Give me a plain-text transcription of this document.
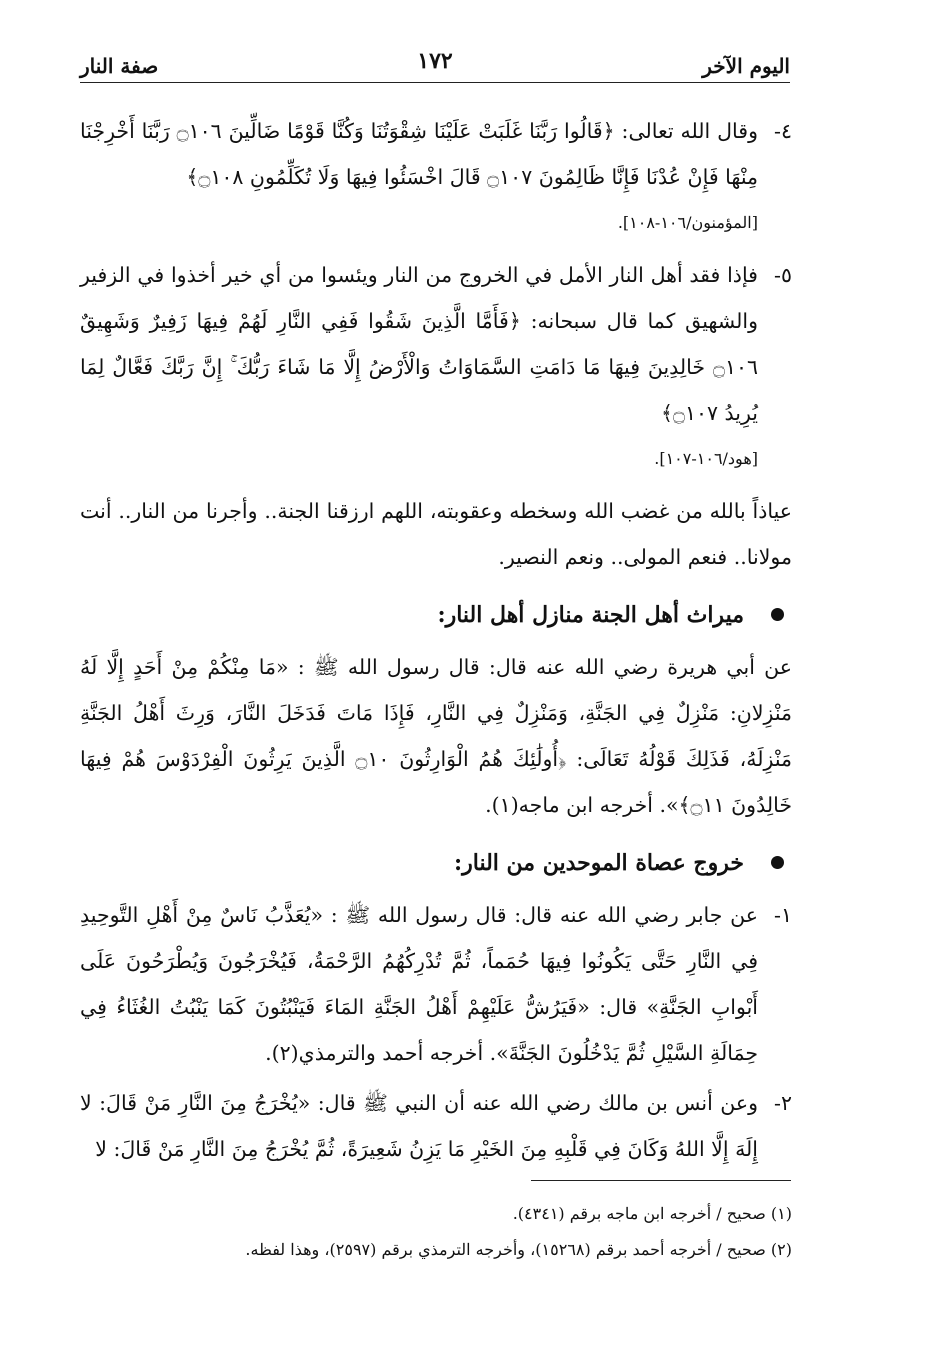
اليوم الآخر
١٧٢
صفة النار
٤-
وقال الله تعالى: ﴿قَالُوا رَبَّنَا غَلَبَتْ عَلَيْنَا شِقْوَتُنَا وَكُنَّا قَوْمًا ضَالِّينَ ۝١٠٦ رَبَّنَا أَخْرِجْنَا مِنْهَا فَإِنْ عُدْنَا فَإِنَّا ظَالِمُونَ ۝١٠٧ قَالَ اخْسَئُوا فِيهَا وَلَا تُكَلِّمُونِ ۝١٠٨﴾
[المؤمنون/١٠٦-١٠٨].
٥-
فإذا فقد أهل النار الأمل في الخروج من النار ويئسوا من أي خير أخذوا في الزفير والشهيق كما قال سبحانه: ﴿فَأَمَّا الَّذِينَ شَقُوا فَفِي النَّارِ لَهُمْ فِيهَا زَفِيرٌ وَشَهِيقٌ ۝١٠٦ خَالِدِينَ فِيهَا مَا دَامَتِ السَّمَاوَاتُ وَالْأَرْضُ إِلَّا مَا شَاءَ رَبُّكَ ۚ إِنَّ رَبَّكَ فَعَّالٌ لِمَا يُرِيدُ ۝١٠٧﴾
[هود/١٠٦-١٠٧].
عياذاً بالله من غضب الله وسخطه وعقوبته، اللهم ارزقنا الجنة.. وأجرنا من النار.. أنت مولانا.. فنعم المولى.. ونعم النصير.
ميراث أهل الجنة منازل أهل النار:
عن أبي هريرة رضي الله عنه قال: قال رسول الله ﷺ : «مَا مِنْكُمْ مِنْ أَحَدٍ إِلَّا لَهُ مَنْزِلانِ: مَنْزِلٌ فِي الجَنَّةِ، وَمَنْزِلٌ فِي النَّارِ، فَإِذَا مَاتَ فَدَخَلَ النَّارَ، وَرِثَ أَهْلُ الجَنَّةِ مَنْزِلَهُ، فَذَلِكَ قَوْلُهُ تَعَالَى: ﴿أُولَٰئِكَ هُمُ الْوَارِثُونَ ۝١٠ الَّذِينَ يَرِثُونَ الْفِرْدَوْسَ هُمْ فِيهَا خَالِدُونَ ۝١١﴾». أخرجه ابن ماجه(١).
خروج عصاة الموحدين من النار:
١-
عن جابر رضي الله عنه قال: قال رسول الله ﷺ : «يُعَذَّبُ نَاسٌ مِنْ أَهْلِ التَّوحِيدِ فِي النَّارِ حَتَّى يَكُونُوا فِيهَا حُمَماً، ثُمَّ تُدْرِكُهُمُ الرَّحْمَةُ، فَيُخْرَجُونَ وَيُطْرَحُونَ عَلَى أَبْوابِ الجَنَّةِ» قال: «فَيَرُشُّ عَلَيْهِمْ أَهْلُ الجَنَّةِ المَاءَ فَيَنْبُتُونَ كَمَا يَنْبُتُ الغُثَاءُ فِي حِمَالَةِ السَّيْلِ ثُمَّ يَدْخُلُونَ الجَنَّةَ». أخرجه أحمد والترمذي(٢).
٢-
وعن أنس بن مالك رضي الله عنه أن النبي ﷺ قال: «يُخْرَجُ مِنَ النَّارِ مَنْ قَالَ: لا إِلَهَ إِلَّا اللهُ وَكَانَ فِي قَلْبِهِ مِنَ الخَيْرِ مَا يَزِنُ شَعِيرَةً، ثُمَّ يُخْرَجُ مِنَ النَّارِ مَنْ قَالَ: لا
(١) صحيح / أخرجه ابن ماجه برقم (٤٣٤١).
(٢) صحيح / أخرجه أحمد برقم (١٥٢٦٨)، وأخرجه الترمذي برقم (٢٥٩٧)، وهذا لفظه.
